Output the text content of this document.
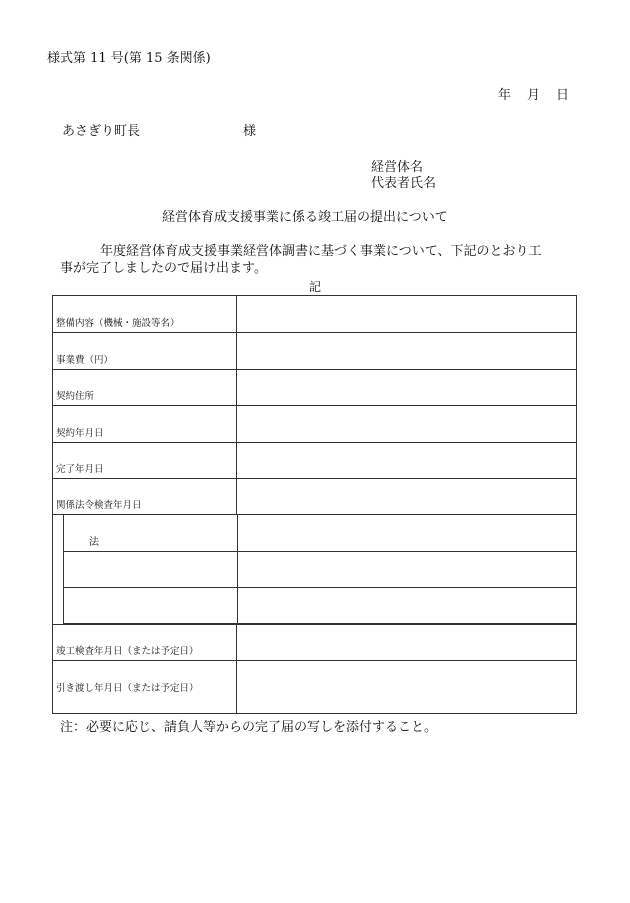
様式第 11 号(第 15 条関係)
年 月 日
あさぎり町長	様
経営体名
代表者氏名
経営体育成支援事業に係る竣工届の提出について
年度経営体育成支援事業経営体調書に基づく事業について、下記のとおり工
事が完了しましたので届け出ます。
記
整備内容（機械・施設等名）
事業費（円）
契約住所
契約年月日
完了年月日
関係法令検査年月日
法
竣工検査年月日（または予定日）
引き渡し年月日（または予定日）
注：必要に応じ、請負人等からの完了届の写しを添付すること。
